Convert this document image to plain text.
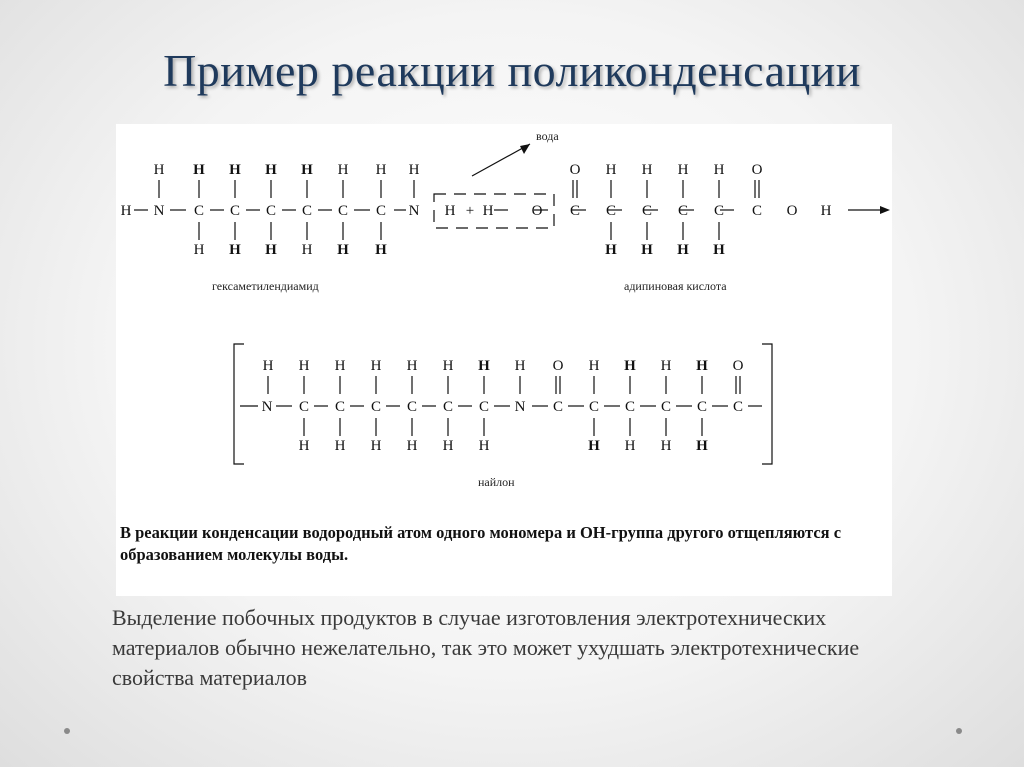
Пример реакции поликонденсации
H H H H H H H H	O H H H H O
H N C C C C C C N H + H	O C C C C C C O H
H H H H H H	H H H H
вода
гексаметилендиамид	адипиновая кислота
H H H H H H H H O H H H H O
N C C C C C C N C C C C C C
H H H H H H	H H H H
найлон
В реакции конденсации водородный атом одного мономера и ОН-группа другого отщепляются с образованием молекулы воды.
Выделение побочных продуктов в случае изготовления электротехнических материалов обычно нежелательно, так это может ухудшать электротехнические свойства материалов
